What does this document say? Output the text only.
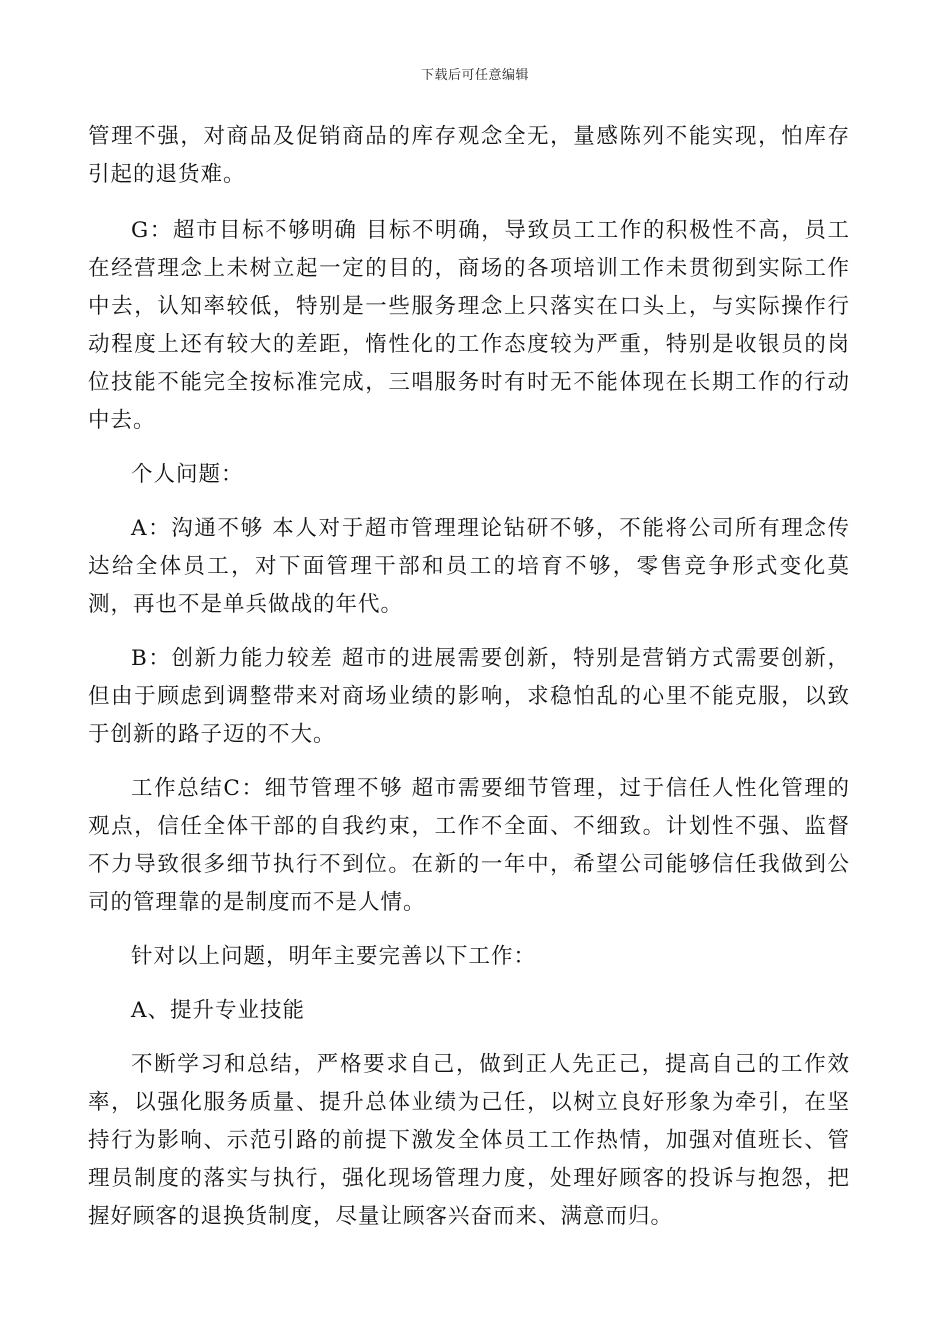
下载后可任意编辑

管理不强，对商品及促销商品的库存观念全无，量感陈列不能实现，怕库存引起的退货难。

G：超市目标不够明确 目标不明确，导致员工工作的积极性不高，员工在经营理念上未树立起一定的目的，商场的各项培训工作未贯彻到实际工作中去，认知率较低，特别是一些服务理念上只落实在口头上，与实际操作行动程度上还有较大的差距，惰性化的工作态度较为严重，特别是收银员的岗位技能不能完全按标准完成，三唱服务时有时无不能体现在长期工作的行动中去。

个人问题：

A：沟通不够 本人对于超市管理理论钻研不够，不能将公司所有理念传达给全体员工，对下面管理干部和员工的培育不够，零售竞争形式变化莫测，再也不是单兵做战的年代。

B：创新力能力较差 超市的进展需要创新，特别是营销方式需要创新，但由于顾虑到调整带来对商场业绩的影响，求稳怕乱的心里不能克服，以致于创新的路子迈的不大。

工作总结C：细节管理不够 超市需要细节管理，过于信任人性化管理的观点，信任全体干部的自我约束，工作不全面、不细致。计划性不强、监督不力导致很多细节执行不到位。在新的一年中，希望公司能够信任我做到公司的管理靠的是制度而不是人情。

针对以上问题，明年主要完善以下工作：

A、提升专业技能

不断学习和总结，严格要求自己，做到正人先正己，提高自己的工作效率，以强化服务质量、提升总体业绩为己任，以树立良好形象为牵引，在坚持行为影响、示范引路的前提下激发全体员工工作热情，加强对值班长、管理员制度的落实与执行，强化现场管理力度，处理好顾客的投诉与抱怨，把握好顾客的退换货制度，尽量让顾客兴奋而来、满意而归。
